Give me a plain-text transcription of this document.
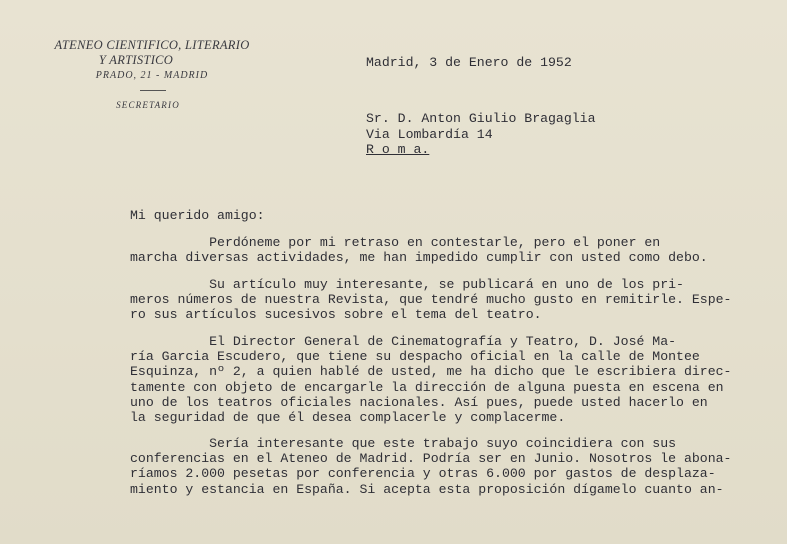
ATENEO CIENTIFICO, LITERARIO
Y ARTISTICO
PRADO, 21 - MADRID
SECRETARIO
Madrid, 3 de Enero de 1952
Sr. D. Anton Giulio Bragaglia
Via Lombardía 14
R o m a.
Mi querido amigo:
Perdóneme por mi retraso en contestarle, pero el poner en
marcha diversas actividades, me han impedido cumplir con usted como debo.
Su artículo muy interesante, se publicará en uno de los pri-
meros números de nuestra Revista, que tendré mucho gusto en remitirle. Espe-
ro sus artículos sucesivos sobre el tema del teatro.
El Director General de Cinematografía y Teatro, D. José Ma-
ría Garcia Escudero, que tiene su despacho oficial en la calle de Montee
Esquinza, nº 2, a quien hablé de usted, me ha dicho que le escribiera direc-
tamente con objeto de encargarle la dirección de alguna puesta en escena en
uno de los teatros oficiales nacionales. Así pues, puede usted hacerlo en
la seguridad de que él desea complacerle y complacerme.
Sería interesante que este trabajo suyo coincidiera con sus
conferencias en el Ateneo de Madrid. Podría ser en Junio. Nosotros le abona-
ríamos 2.000 pesetas por conferencia y otras 6.000 por gastos de desplaza-
miento y estancia en España. Si acepta esta proposición dígamelo cuanto an-
